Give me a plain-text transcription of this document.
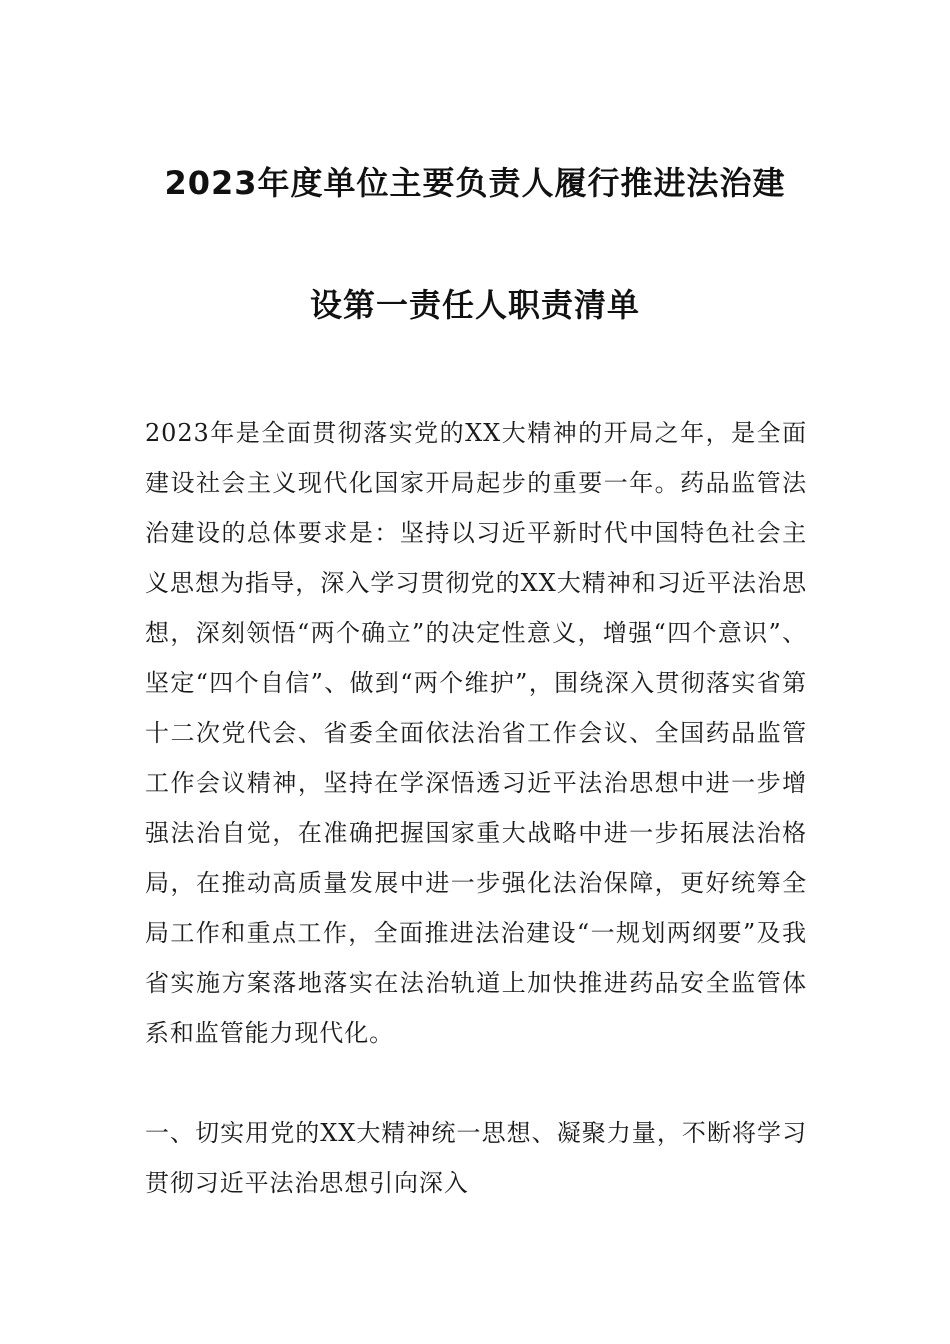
2023年度单位主要负责人履行推进法治建
设第一责任人职责清单
2023年是全面贯彻落实党的XX大精神的开局之年，是全面建设社会主义现代化国家开局起步的重要一年。药品监管法治建设的总体要求是：坚持以习近平新时代中国特色社会主义思想为指导，深入学习贯彻党的XX大精神和习近平法治思想，深刻领悟“两个确立”的决定性意义，增强“四个意识”、坚定“四个自信”、做到“两个维护”，围绕深入贯彻落实省第十二次党代会、省委全面依法治省工作会议、全国药品监管工作会议精神，坚持在学深悟透习近平法治思想中进一步增强法治自觉，在准确把握国家重大战略中进一步拓展法治格局，在推动高质量发展中进一步强化法治保障，更好统筹全局工作和重点工作，全面推进法治建设“一规划两纲要”及我省实施方案落地落实在法治轨道上加快推进药品安全监管体系和监管能力现代化。
一、切实用党的XX大精神统一思想、凝聚力量，不断将学习贯彻习近平法治思想引向深入
